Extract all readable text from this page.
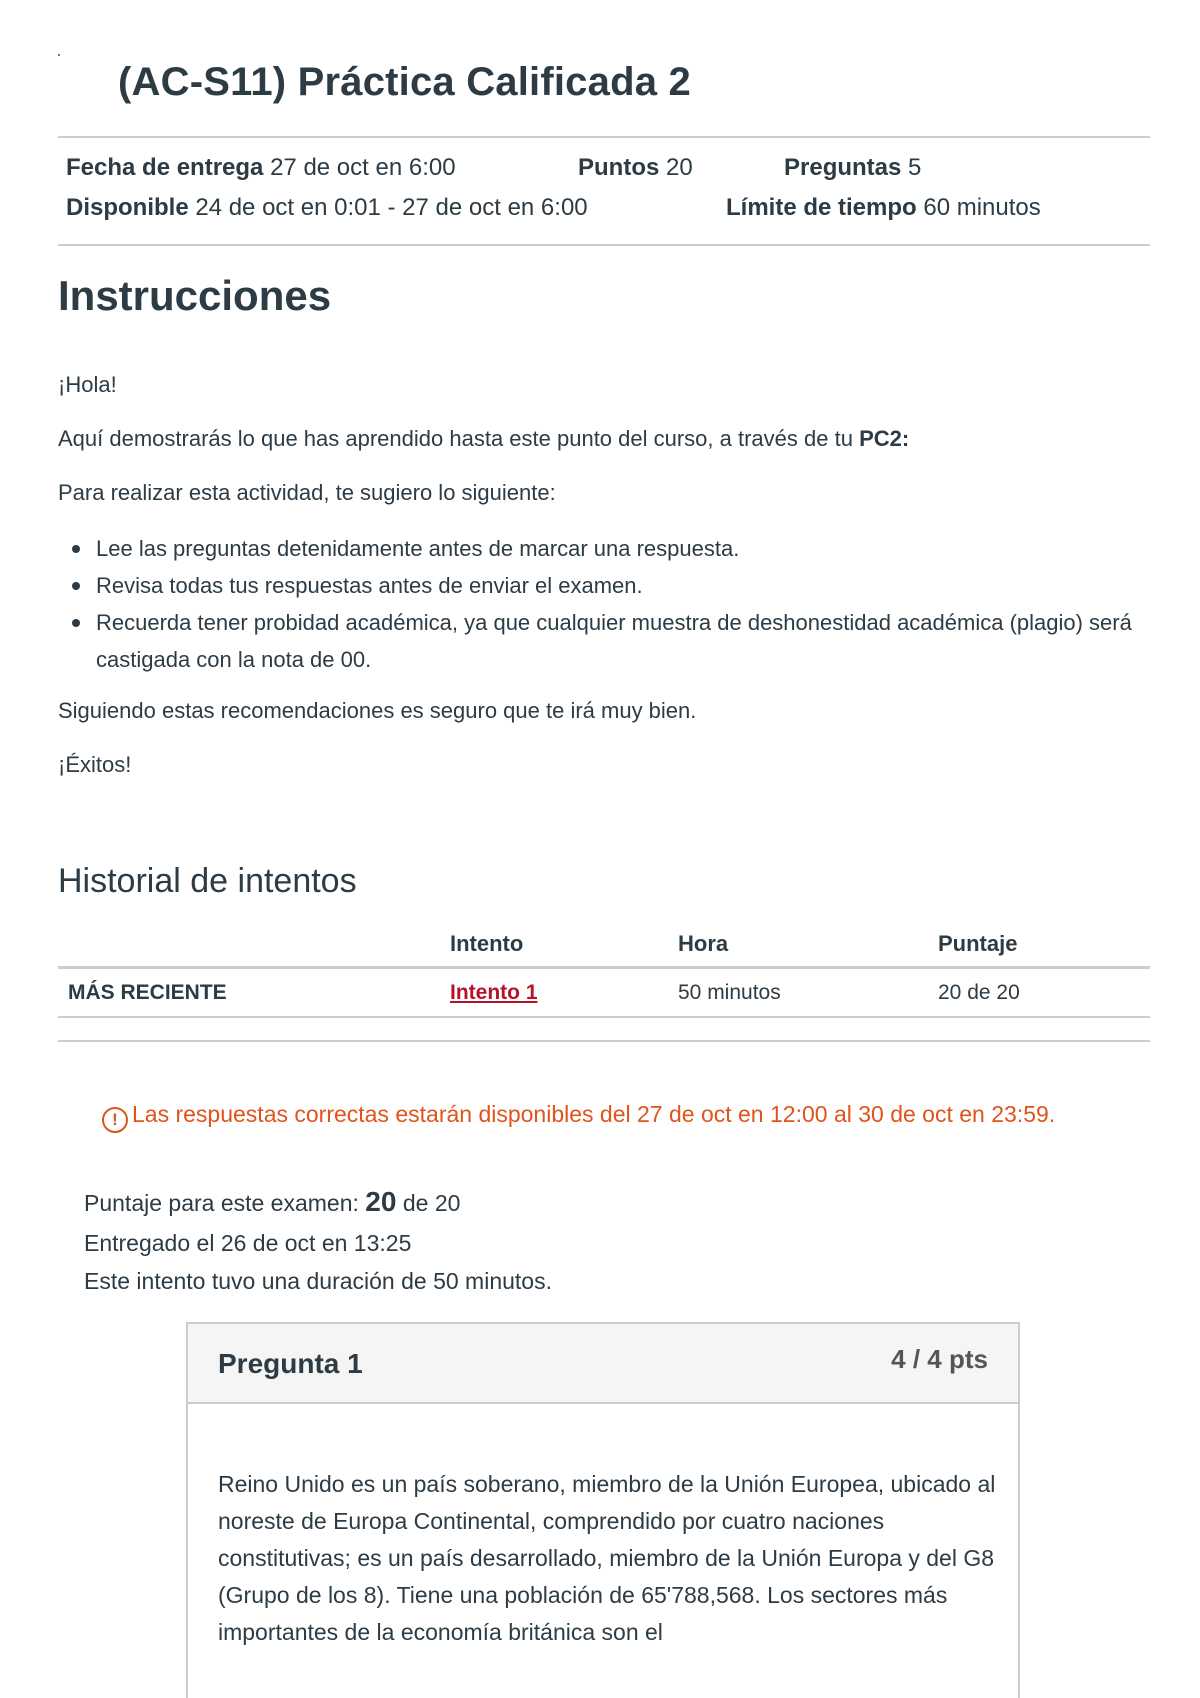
(AC-S11) Práctica Calificada 2
Fecha de entrega 27 de oct en 6:00	Puntos 20	Preguntas 5
Disponible 24 de oct en 0:01 - 27 de oct en 6:00	Límite de tiempo 60 minutos
Instrucciones

¡Hola!

Aquí demostrarás lo que has aprendido hasta este punto del curso, a través de tu PC2:

Para realizar esta actividad, te sugiero lo siguiente:

Lee las preguntas detenidamente antes de marcar una respuesta.
Revisa todas tus respuestas antes de enviar el examen.
Recuerda tener probidad académica, ya que cualquier muestra de deshonestidad académica (plagio) será castigada con la nota de 00.

Siguiendo estas recomendaciones es seguro que te irá muy bien.

¡Éxitos!

Historial de intentos
	Intento	Hora	Puntaje
MÁS RECIENTE	Intento 1	50 minutos	20 de 20
! Las respuestas correctas estarán disponibles del 27 de oct en 12:00 al 30 de oct en 23:59.
Puntaje para este examen: 20 de 20
Entregado el 26 de oct en 13:25
Este intento tuvo una duración de 50 minutos.
Pregunta 1	4 / 4 pts

Reino Unido es un país soberano, miembro de la Unión Europea, ubicado al noreste de Europa Continental, comprendido por cuatro naciones constitutivas; es un país desarrollado, miembro de la Unión Europa y del G8 (Grupo de los 8). Tiene una población de 65'788,568. Los sectores más importantes de la economía británica son el
